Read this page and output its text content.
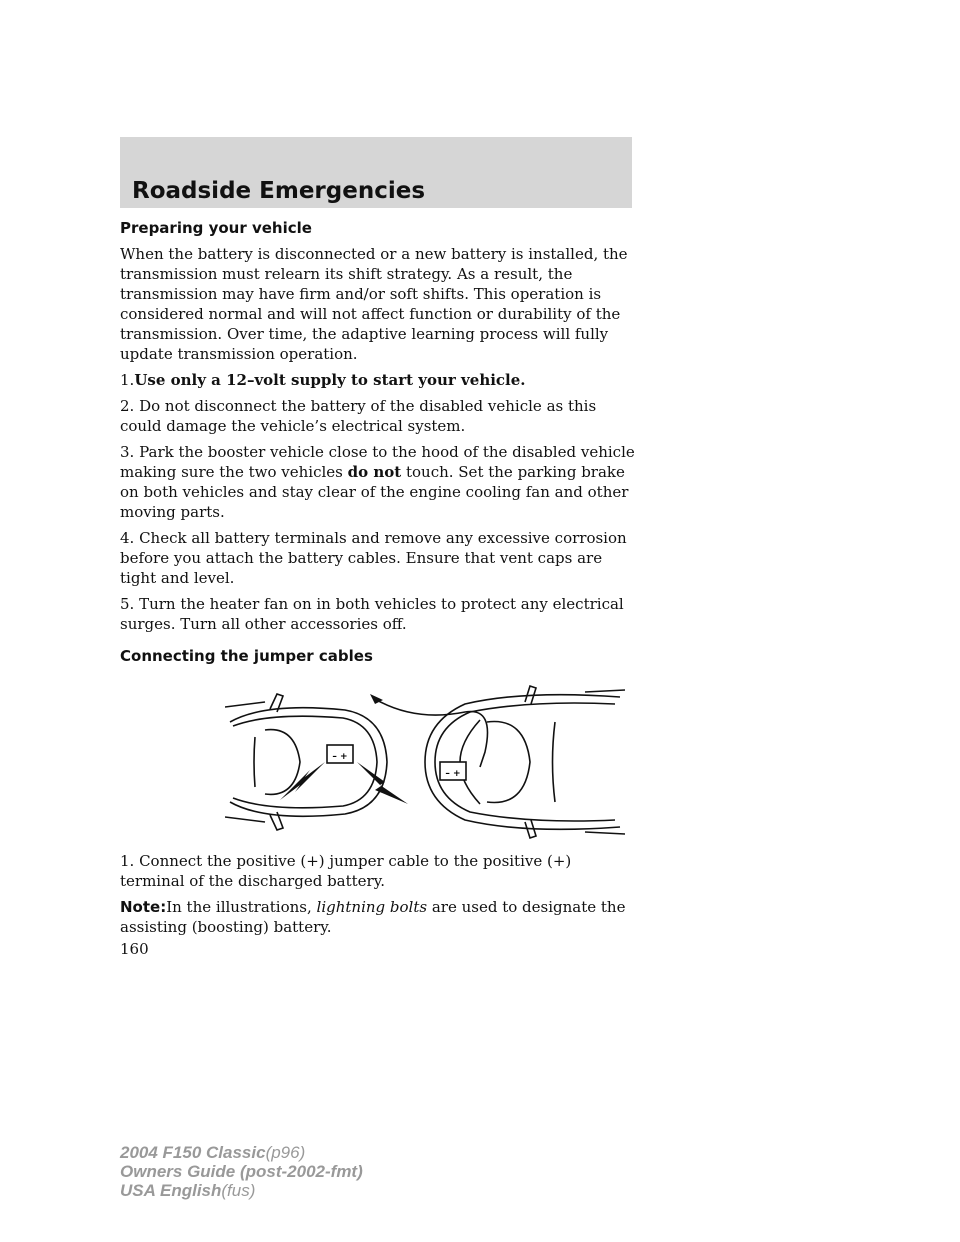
Roadside Emergencies
Preparing your vehicle

When the battery is disconnected or a new battery is installed, the transmission must relearn its shift strategy. As a result, the transmission may have firm and/or soft shifts. This operation is considered normal and will not affect function or durability of the transmission. Over time, the adaptive learning process will fully update transmission operation.

1.Use only a 12–volt supply to start your vehicle.

2. Do not disconnect the battery of the disabled vehicle as this could damage the vehicle’s electrical system.

3. Park the booster vehicle close to the hood of the disabled vehicle making sure the two vehicles do not touch. Set the parking brake on both vehicles and stay clear of the engine cooling fan and other moving parts.

4. Check all battery terminals and remove any excessive corrosion before you attach the battery cables. Ensure that vent caps are tight and level.

5. Turn the heater fan on in both vehicles to protect any electrical surges. Turn all other accessories off.

Connecting the jumper cables
– +
– +

1. Connect the positive (+) jumper cable to the positive (+) terminal of the discharged battery.

Note:In the illustrations, lightning bolts are used to designate the assisting (boosting) battery.

160
2004 F150 Classic(p96)
Owners Guide (post-2002-fmt)
USA English(fus)
